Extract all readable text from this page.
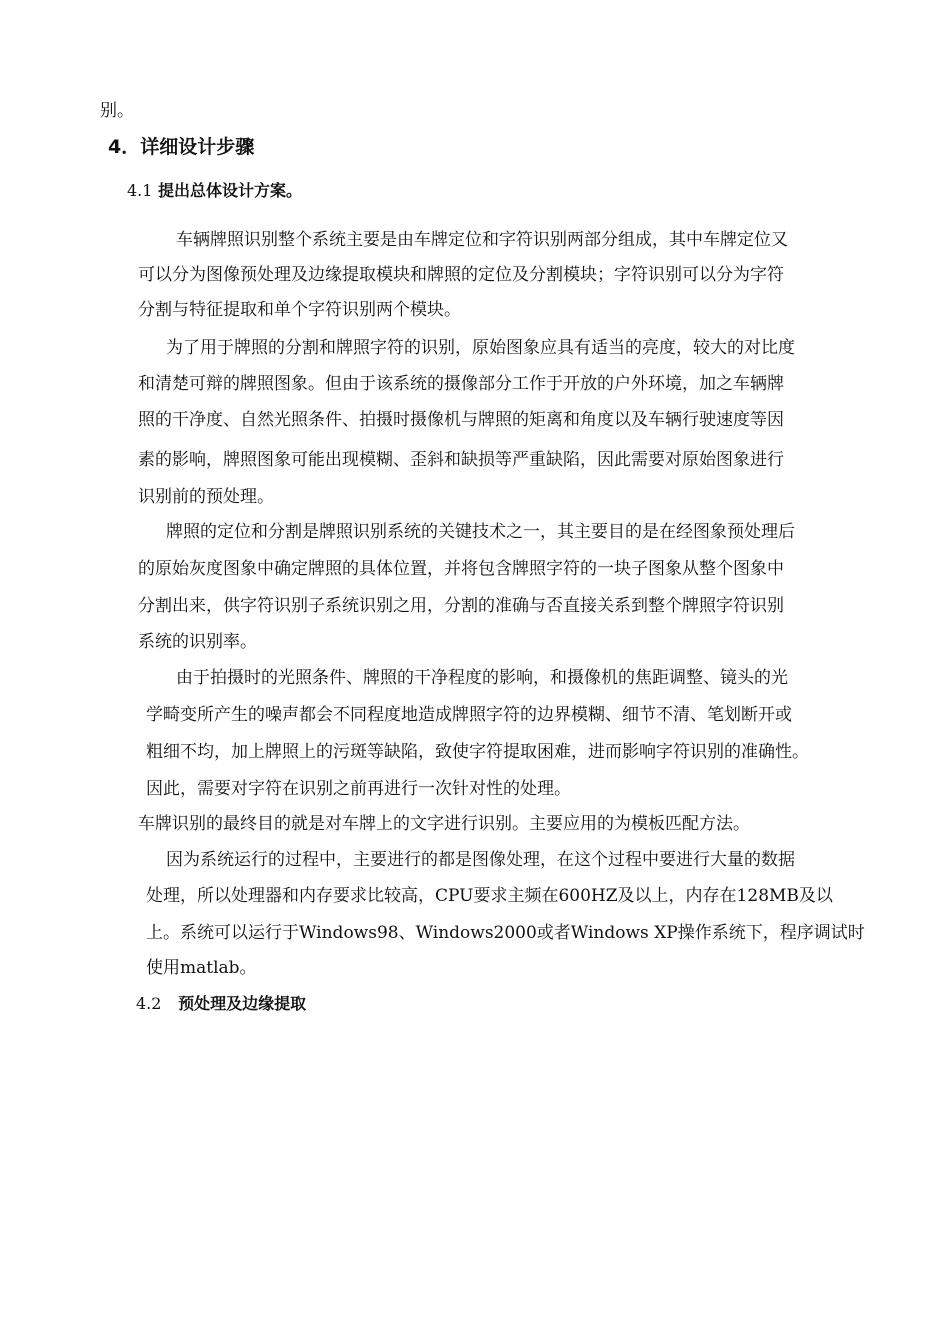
别。
4．详细设计步骤
4.1 提出总体设计方案。
车辆牌照识别整个系统主要是由车牌定位和字符识别两部分组成，其中车牌定位又
可以分为图像预处理及边缘提取模块和牌照的定位及分割模块；字符识别可以分为字符
分割与特征提取和单个字符识别两个模块。
为了用于牌照的分割和牌照字符的识别，原始图象应具有适当的亮度，较大的对比度
和清楚可辩的牌照图象。但由于该系统的摄像部分工作于开放的户外环境，加之车辆牌
照的干净度、自然光照条件、拍摄时摄像机与牌照的矩离和角度以及车辆行驶速度等因
素的影响，牌照图象可能出现模糊、歪斜和缺损等严重缺陷，因此需要对原始图象进行
识别前的预处理。
牌照的定位和分割是牌照识别系统的关键技术之一，其主要目的是在经图象预处理后
的原始灰度图象中确定牌照的具体位置，并将包含牌照字符的一块子图象从整个图象中
分割出来，供字符识别子系统识别之用，分割的准确与否直接关系到整个牌照字符识别
系统的识别率。
由于拍摄时的光照条件、牌照的干净程度的影响，和摄像机的焦距调整、镜头的光
学畸变所产生的噪声都会不同程度地造成牌照字符的边界模糊、细节不清、笔划断开或
粗细不均，加上牌照上的污斑等缺陷，致使字符提取困难，进而影响字符识别的准确性。
因此，需要对字符在识别之前再进行一次针对性的处理。
车牌识别的最终目的就是对车牌上的文字进行识别。主要应用的为模板匹配方法。
因为系统运行的过程中，主要进行的都是图像处理，在这个过程中要进行大量的数据
处理，所以处理器和内存要求比较高，CPU要求主频在600HZ及以上，内存在128MB及以
上。系统可以运行于Windows98、Windows2000或者Windows XP操作系统下，程序调试时
使用matlab。
4.2 预处理及边缘提取
